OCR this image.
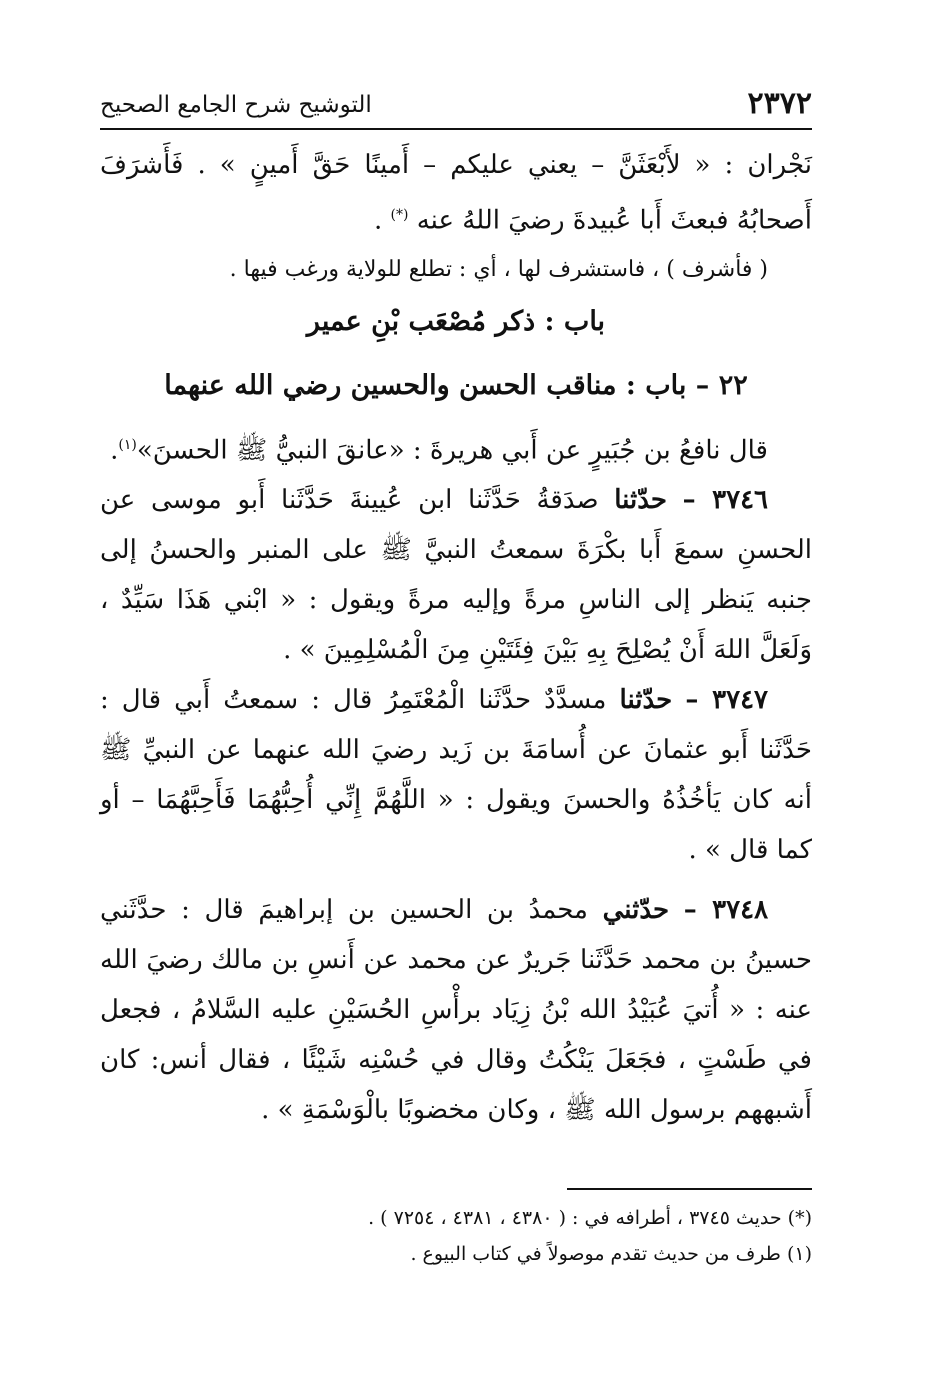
٢٣٧٢
التوشيح شرح الجامع الصحيح

نَجْران : « لأَبْعَثَنَّ – يعني عليكم – أَمينًا حَقَّ أَمينٍ » . فَأَشرَفَ أَصحابُهُ فبعثَ أَبا عُبيدةَ رضيَ اللهُ عنه (*) .

( فأشرف ) ، فاستشرف لها ، أي : تطلع للولاية ورغب فيها .

باب : ذكر مُصْعَب بْنِ عمير

٢٢ – باب : مناقب الحسن والحسين رضي الله عنهما

قال نافعُ بن جُبَيرٍ عن أَبي هريرةَ : «عانقَ النبيُّ ﷺ الحسنَ»$^{(١)}$.

٣٧٤٦ – حدّثنا صدَقةُ حَدَّثَنا ابن عُيينةَ حَدَّثَنا أَبو موسى عن الحسنِ سمعَ أَبا بكْرَةَ سمعتُ النبيَّ ﷺ على المنبر والحسنُ إلى جنبه يَنظر إلى الناسِ مرةً وإليه مرةً ويقول : « ابْني هَذَا سَيِّدٌ ، وَلَعَلَّ اللهَ أَنْ يُصْلِحَ بِهِ بَيْنَ فِئَتَيْنِ مِنَ الْمُسْلِمِينَ » .

٣٧٤٧ – حدّثنا مسدَّدٌ حدَّثَنا الْمُعْتَمِرُ قال : سمعتُ أَبي قال : حَدَّثَنا أَبو عثمانَ عن أُسامَةَ بن زَيد رضيَ الله عنهما عن النبيِّ ﷺ أنه كان يَأخُذُهُ والحسنَ ويقول : « اللَّهُمَّ إِنِّي أُحِبُّهُمَا فَأَحِبَّهُمَا – أو كما قال » .

٣٧٤٨ – حدّثني محمدُ بن الحسين بن إبراهيمَ قال : حدَّثَني حسينُ بن محمد حَدَّثَنا جَريرٌ عن محمد عن أَنسِ بن مالك رضيَ الله عنه : « أُتيَ عُبَيْدُ الله بْنُ زِيَاد برأْسِ الحُسَيْنِ عليه السَّلامُ ، فجعل في طَسْتٍ ، فجَعَلَ يَنْكُتُ وقال في حُسْنِه شَيْئًا ، فقال أنس: كان أَشبههم برسول الله ﷺ ، وكان مخضوبًا بالْوَسْمَةِ » .

(*) حديث ٣٧٤٥ ، أطرافه في : ( ٤٣٨٠ ، ٤٣٨١ ، ٧٢٥٤ ) .
(١) طرف من حديث تقدم موصولاً في كتاب البيوع .
